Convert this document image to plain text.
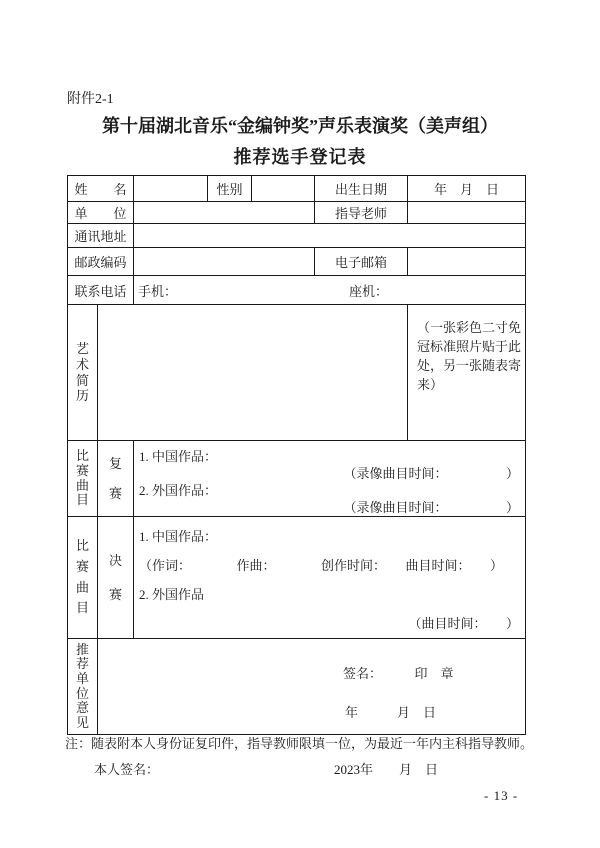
附件2-1
第十届湖北音乐“金编钟奖”声乐表演奖（美声组）
推荐选手登记表
姓　　名			性别		出生日期	年　月　日
单　　位					指导老师	
通讯地址						
邮政编码					电子邮箱	
联系电话		手机： 座机：				

艺术简历						（一张彩色二寸免冠标准照片贴于此处，另一张随表寄来）

比赛曲目	复赛	1. 中国作品：
（录像曲目时间：　　　　　）
2. 外国作品：
（录像曲目时间：　　　　　）				

比赛曲目	决赛	1. 中国作品：
（作词：　　　　作曲：　　　　创作时间：　　曲目时间：　　）
2. 外国作品
（曲目时间：　　）				

推荐单位意见	签名：　　　印　章
年　　　月　日					
注：随表附本人身份证复印件，指导教师限填一位，为最近一年内主科指导教师。
本人签名：	2023年　　月　日
- 13 -
